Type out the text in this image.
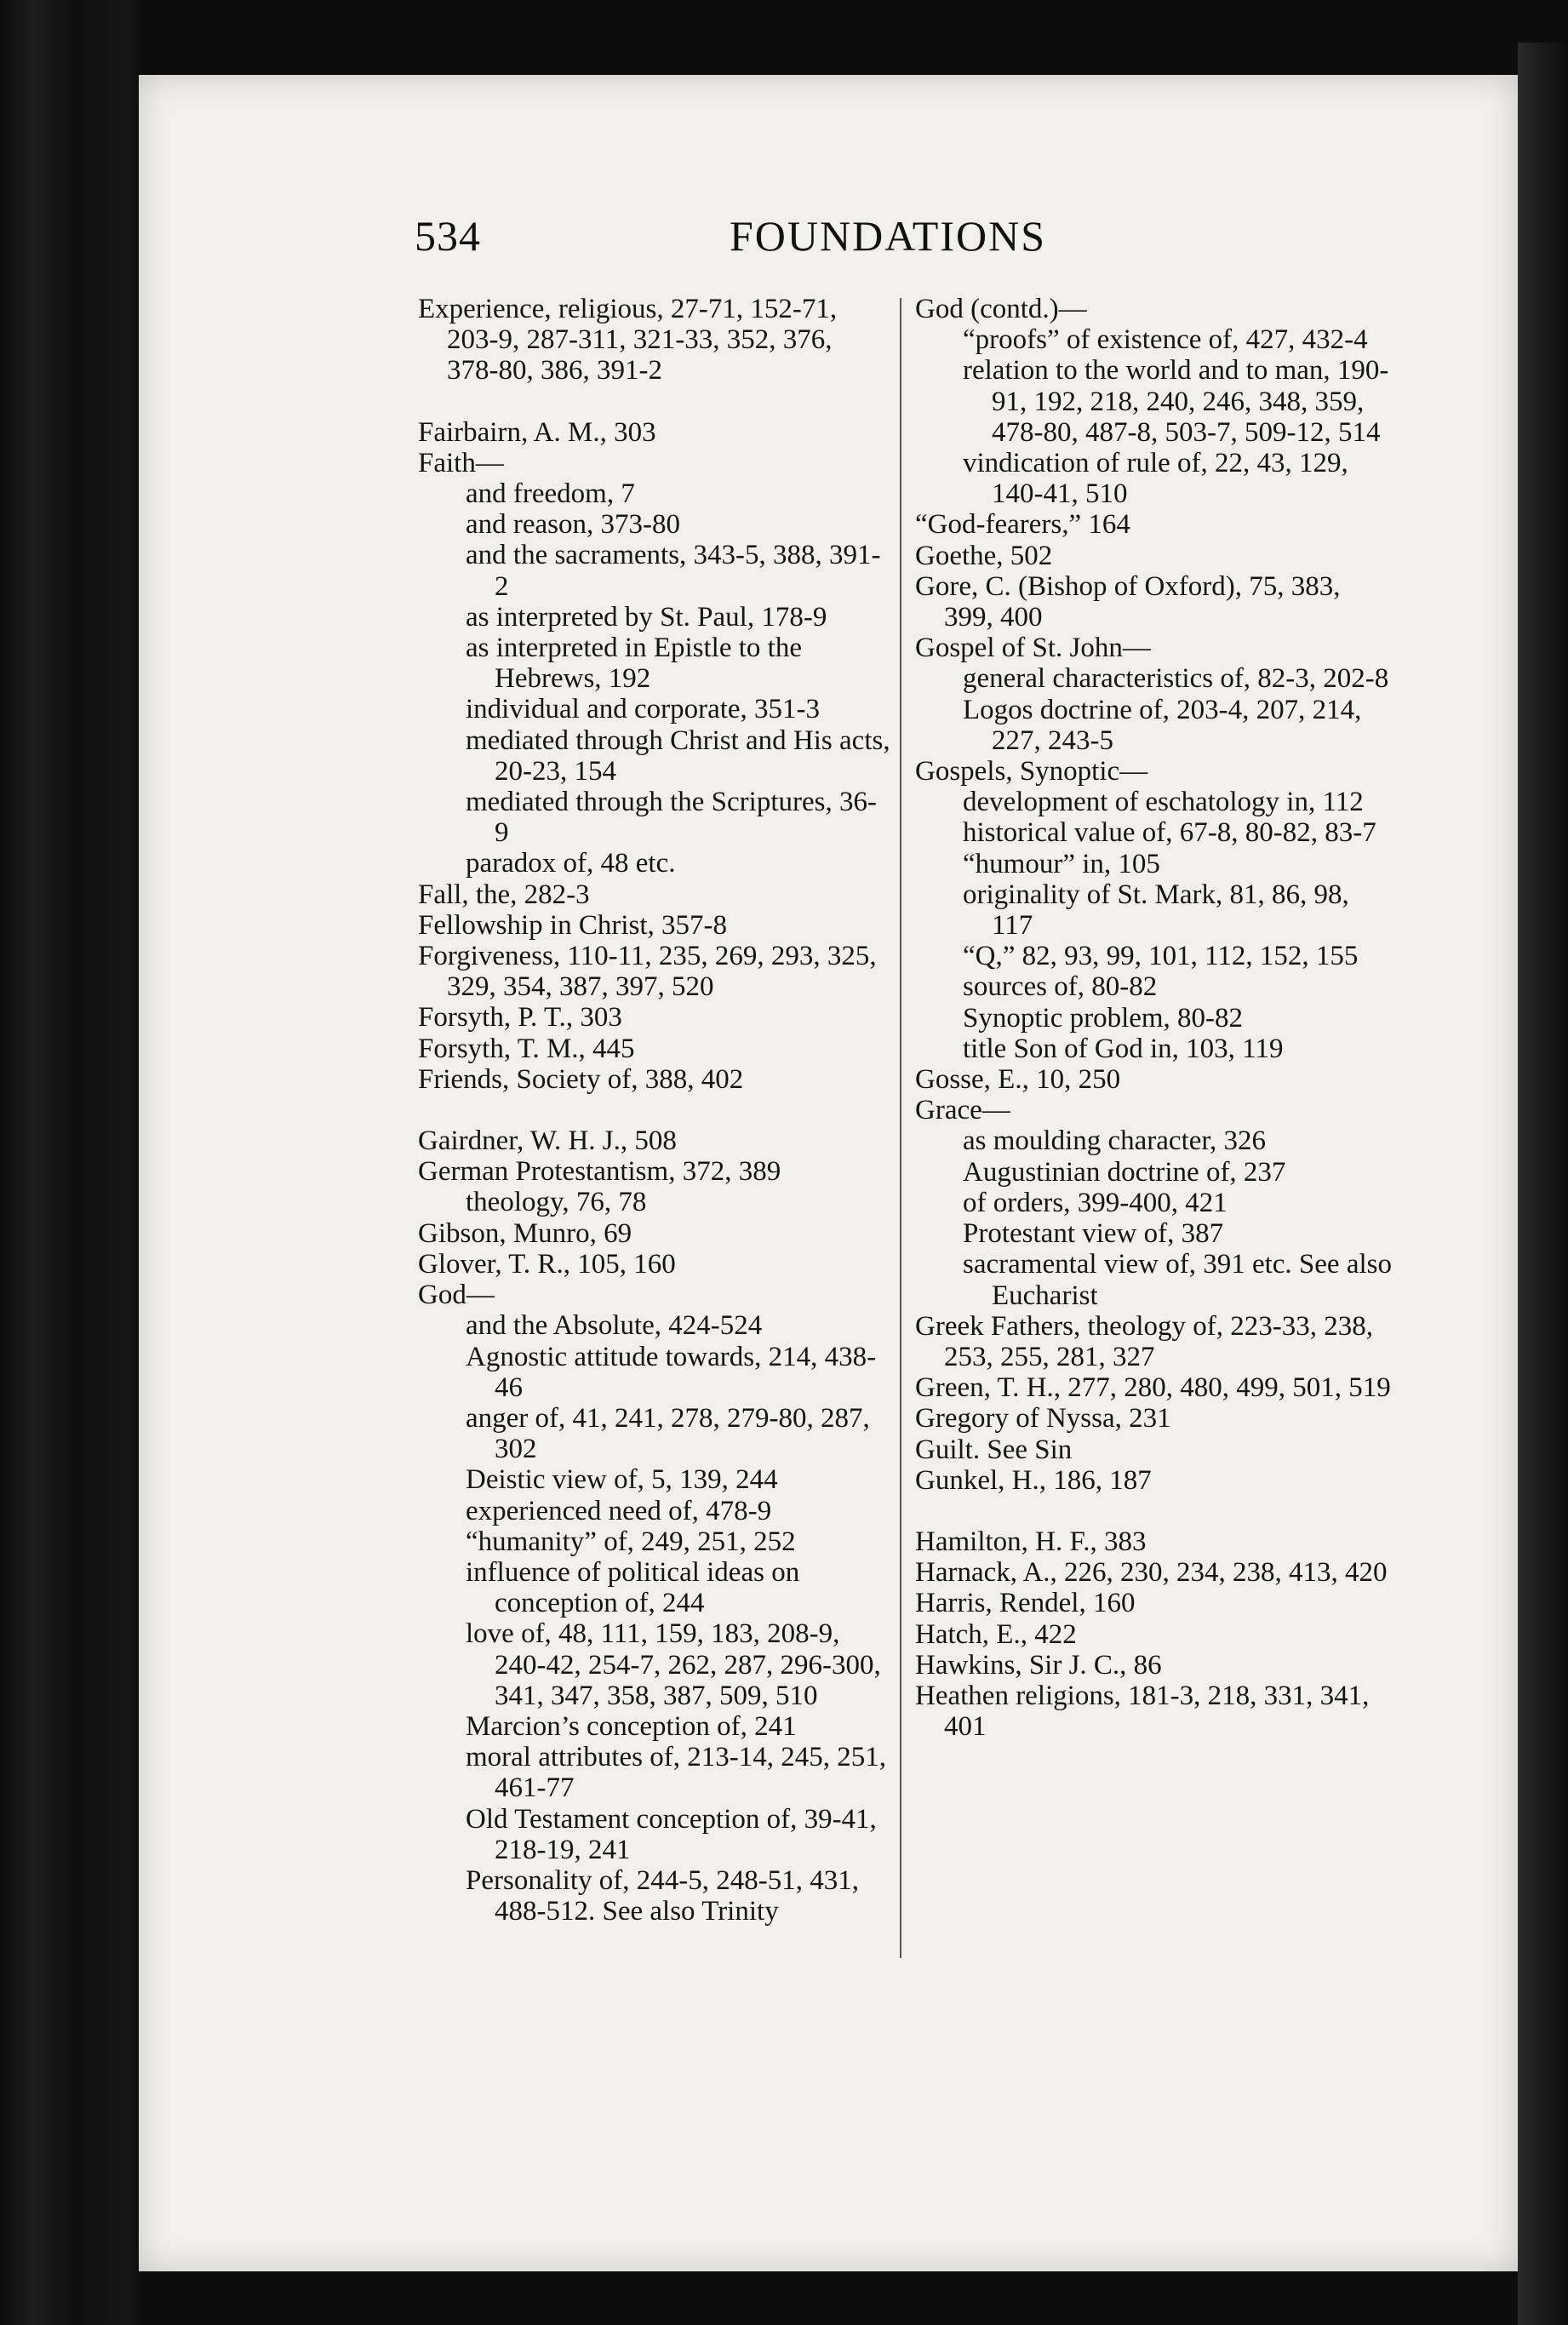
534	FOUNDATIONS

Experience, religious, 27-71, 152-71, 203-9, 287-311, 321-33, 352, 376, 378-80, 386, 391-2

Fairbairn, A. M., 303

Faith—

and freedom, 7

and reason, 373-80

and the sacraments, 343-5, 388, 391-2

as interpreted by St. Paul, 178-9

as interpreted in Epistle to the Hebrews, 192

individual and corporate, 351-3

mediated through Christ and His acts, 20-23, 154

mediated through the Scriptures, 36-9

paradox of, 48 etc.

Fall, the, 282-3

Fellowship in Christ, 357-8

Forgiveness, 110-11, 235, 269, 293, 325, 329, 354, 387, 397, 520

Forsyth, P. T., 303

Forsyth, T. M., 445

Friends, Society of, 388, 402

Gairdner, W. H. J., 508

German Protestantism, 372, 389

theology, 76, 78

Gibson, Munro, 69

Glover, T. R., 105, 160

God—

and the Absolute, 424-524

Agnostic attitude towards, 214, 438-46

anger of, 41, 241, 278, 279-80, 287, 302

Deistic view of, 5, 139, 244

experienced need of, 478-9

“humanity” of, 249, 251, 252

influence of political ideas on conception of, 244

love of, 48, 111, 159, 183, 208-9, 240-42, 254-7, 262, 287, 296-300, 341, 347, 358, 387, 509, 510

Marcion’s conception of, 241

moral attributes of, 213-14, 245, 251, 461-77

Old Testament conception of, 39-41, 218-19, 241

Personality of, 244-5, 248-51, 431, 488-512. See also Trinity

God (contd.)—

“proofs” of existence of, 427, 432-4

relation to the world and to man, 190-91, 192, 218, 240, 246, 348, 359, 478-80, 487-8, 503-7, 509-12, 514

vindication of rule of, 22, 43, 129, 140-41, 510

“God-fearers,” 164

Goethe, 502

Gore, C. (Bishop of Oxford), 75, 383, 399, 400

Gospel of St. John—

general characteristics of, 82-3, 202-8

Logos doctrine of, 203-4, 207, 214, 227, 243-5

Gospels, Synoptic—

development of eschatology in, 112

historical value of, 67-8, 80-82, 83-7

“humour” in, 105

originality of St. Mark, 81, 86, 98, 117

“Q,” 82, 93, 99, 101, 112, 152, 155

sources of, 80-82

Synoptic problem, 80-82

title Son of God in, 103, 119

Gosse, E., 10, 250

Grace—

as moulding character, 326

Augustinian doctrine of, 237

of orders, 399-400, 421

Protestant view of, 387

sacramental view of, 391 etc. See also Eucharist

Greek Fathers, theology of, 223-33, 238, 253, 255, 281, 327

Green, T. H., 277, 280, 480, 499, 501, 519

Gregory of Nyssa, 231

Guilt. See Sin

Gunkel, H., 186, 187

Hamilton, H. F., 383

Harnack, A., 226, 230, 234, 238, 413, 420

Harris, Rendel, 160

Hatch, E., 422

Hawkins, Sir J. C., 86

Heathen religions, 181-3, 218, 331, 341, 401
